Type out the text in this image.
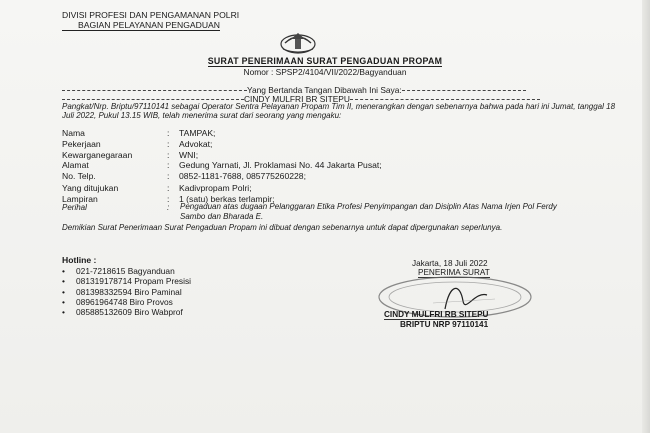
DIVISI PROFESI DAN PENGAMANAN POLRI
BAGIAN PELAYANAN PENGADUAN
SURAT PENERIMAAN SURAT PENGADUAN PROPAM
Nomor : SPSP2/4104/VII/2022/Bagyanduan
Yang Bertanda Tangan Dibawah Ini Saya:
CINDY MULFRI BR SITEPU
Pangkat/Nrp. Briptu/97110141 sebagai Operator Sentra Pelayanan Propam Tim II, menerangkan dengan sebenarnya bahwa pada hari ini Jumat, tanggal 18 Juli 2022, Pukul 13.15 WIB, telah menerima surat dari seorang yang mengaku:
Nama	: TAMPAK;
Pekerjaan	: Advokat;
Kewarganegaraan	: WNI;
Alamat	: Gedung Yarnati, Jl. Proklamasi No. 44 Jakarta Pusat;
No. Telp.	: 0852-1181-7688, 085775260228;
Yang ditujukan	: Kadivpropam Polri;
Lampiran	: 1 (satu) berkas terlampir;
Perihal	: Pengaduan atas dugaan Pelanggaran Etika Profesi Penyimpangan dan Disiplin Atas Nama Irjen Pol Ferdy Sambo dan Bharada E.
Demikian Surat Penerimaan Surat Pengaduan Propam ini dibuat dengan sebenarnya untuk dapat dipergunakan seperlunya.
Hotline :
• 021-7218615 Bagyanduan
• 081319178714 Propam Presisi
• 081398332594 Biro Paminal
• 08961964748 Biro Provos
• 085885132609 Biro Wabprof
Jakarta, 18 Juli 2022
PENERIMA SURAT
CINDY MULFRI RB SITEPU
BRIPTU NRP 97110141
